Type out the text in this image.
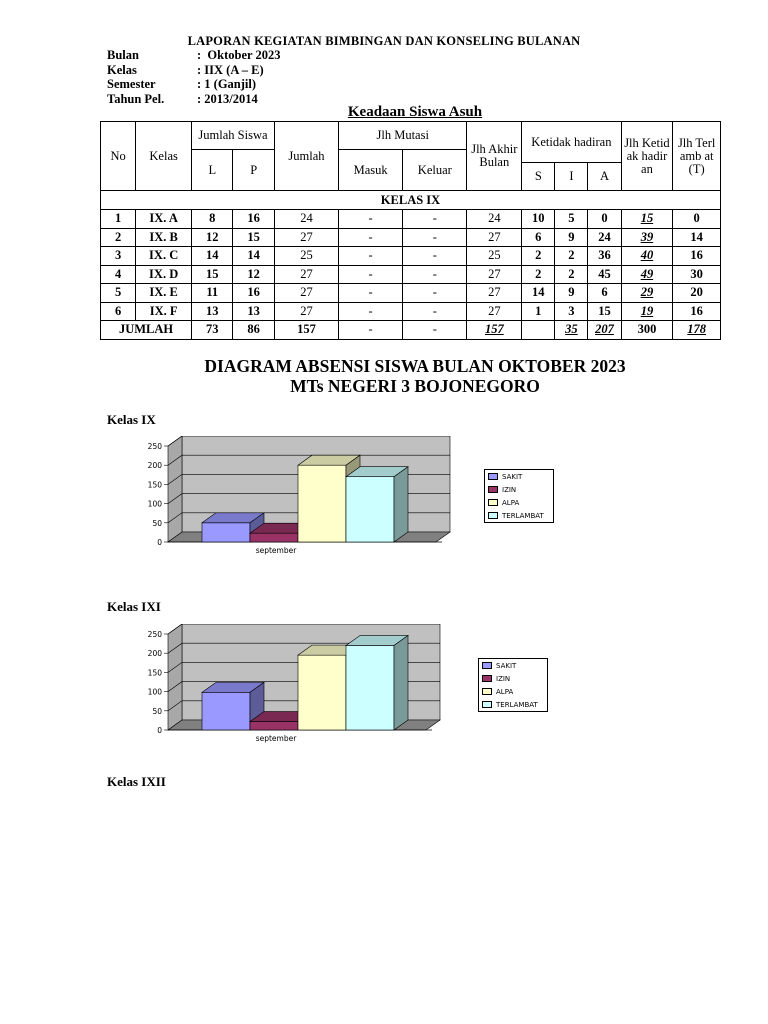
LAPORAN KEGIATAN BIMBINGAN DAN KONSELING BULANAN
Bulan	:  Oktober 2023
Kelas	: IIX (A – E)
Semester	: 1 (Ganjil)
Tahun Pel.	: 2013/2014
Keadaan Siswa Asuh
No	Kelas	Jumlah Siswa		Jumlah	Jlh Mutasi		Jlh Akhir Bulan	Ketidak hadiran			Jlh Ketid ak hadir an	Jlh Terl amb at (T)
		L	P		Masuk	Keluar						
								S	I	A		
KELAS IX												
1	IX. A	8	16	24	-	-	24	10	5	0	15	0
2	IX. B	12	15	27	-	-	27	6	9	24	39	14
3	IX. C	14	14	25	-	-	25	2	2	36	40	16
4	IX. D	15	12	27	-	-	27	2	2	45	49	30
5	IX. E	11	16	27	-	-	27	14	9	6	29	20
6	IX. F	13	13	27	-	-	27	1	3	15	19	16
JUMLAH		73	86	157	-	-	157		35	207	300	178
DIAGRAM ABSENSI SISWA BULAN OKTOBER 2023
MTs NEGERI 3 BOJONEGORO
Kelas IX
0
50
100
150
200
250
september
SAKIT
IZIN
ALPA
TERLAMBAT
Kelas IXI
0
50
100
150
200
250
september
SAKIT
IZIN
ALPA
TERLAMBAT
Kelas IXII
